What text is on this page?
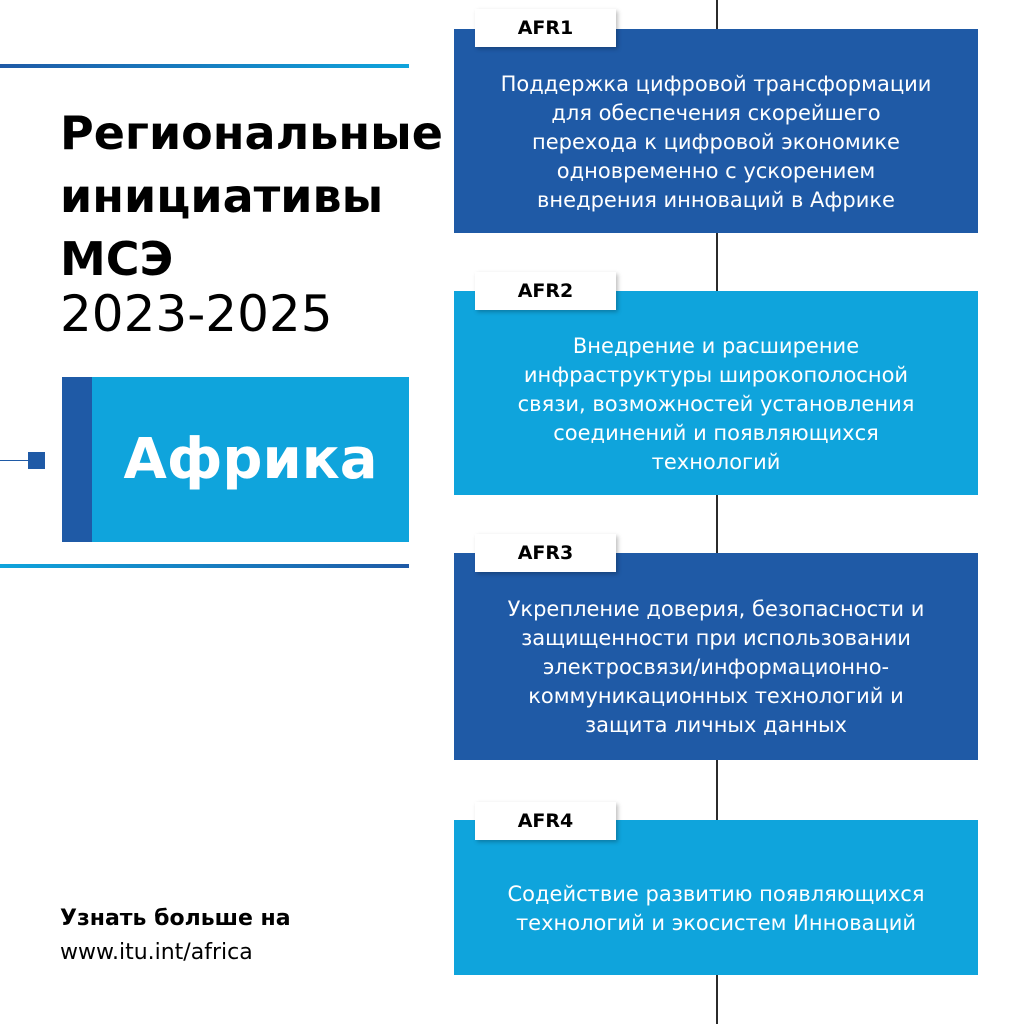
Региональные
инициативы
МСЭ
2023-2025
Африка
Поддержка цифровой трансформации
для обеспечения скорейшего
перехода к цифровой экономике
одновременно с ускорением
внедрения инноваций в Африке
AFR1
Внедрение и расширение
инфраструктуры широкополосной
связи, возможностей установления
соединений и появляющихся
технологий
AFR2
Укрепление доверия, безопасности и
защищенности при использовании
электросвязи/информационно-
коммуникационных технологий и
защита личных данных
AFR3
Содействие развитию появляющихся
технологий и экосистем Инноваций
AFR4
Узнать больше на
www.itu.int/africa
